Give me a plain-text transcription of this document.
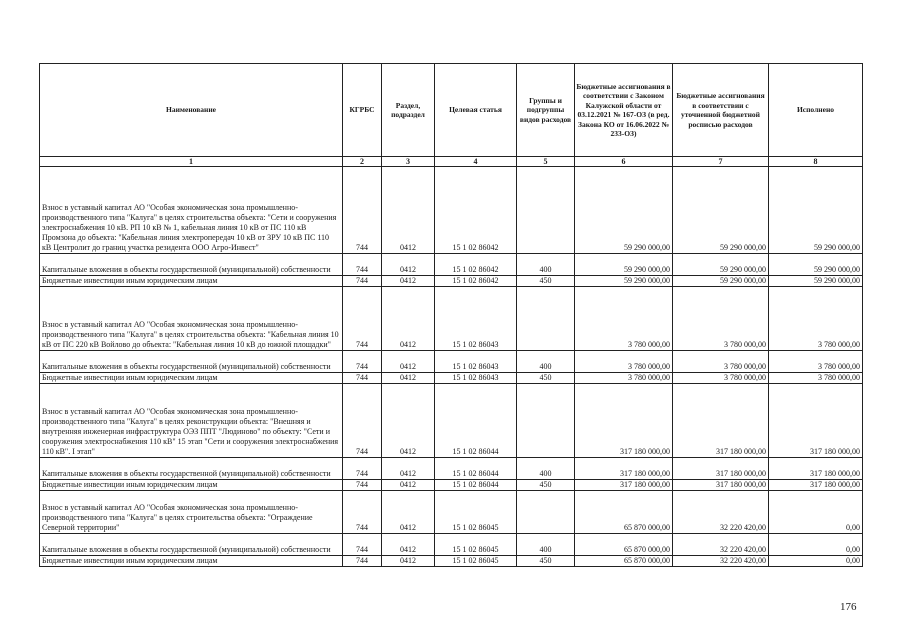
Наименование	КГРБС	Раздел, подраздел	Целевая статья	Группы и подгруппы видов расходов	Бюджетные ассигнования в соответствии с Законом Калужской области от 03.12.2021 № 167-ОЗ (в ред. Закона КО от 16.06.2022 № 233-ОЗ)	Бюджетные ассигнования в соответствии с уточненной бюджетной росписью расходов	Исполнено
1	2	3	4	5	6	7	8
Взнос в уставный капитал АО "Особая экономическая зона промышленно-производственного типа "Калуга" в целях строительства объекта: "Сети и сооружения электроснабжения 10 кВ. РП 10 кВ № 1, кабельная линия 10 кВ от ПС 110 кВ Промзона до объекта: "Кабельная линия электропередач 10 кВ от ЗРУ 10 кВ ПС 110 кВ Центролит до границ участка резидента ООО Агро-Инвест"	744	0412	15 1 02 86042		59 290 000,00	59 290 000,00	59 290 000,00
Капитальные вложения в объекты государственной (муниципальной) собственности	744	0412	15 1 02 86042	400	59 290 000,00	59 290 000,00	59 290 000,00
Бюджетные инвестиции иным юридическим лицам	744	0412	15 1 02 86042	450	59 290 000,00	59 290 000,00	59 290 000,00
Взнос в уставный капитал АО "Особая экономическая зона промышленно-производственного типа "Калуга" в целях строительства объекта: "Кабельная линия 10 кВ от ПС 220 кВ Войлово до объекта: "Кабельная линия 10 кВ до южной площадки"	744	0412	15 1 02 86043		3 780 000,00	3 780 000,00	3 780 000,00
Капитальные вложения в объекты государственной (муниципальной) собственности	744	0412	15 1 02 86043	400	3 780 000,00	3 780 000,00	3 780 000,00
Бюджетные инвестиции иным юридическим лицам	744	0412	15 1 02 86043	450	3 780 000,00	3 780 000,00	3 780 000,00
Взнос в уставный капитал АО "Особая экономическая зона промышленно-производственного типа "Калуга" в целях реконструкции объекта: "Внешняя и внутренняя инженерная инфраструктура ОЭЗ ППТ "Людиново" по объекту: "Сети и сооружения электроснабжения 110 кВ" 15 этап "Сети и сооружения электроснабжения 110 кВ". I этап"	744	0412	15 1 02 86044		317 180 000,00	317 180 000,00	317 180 000,00
Капитальные вложения в объекты государственной (муниципальной) собственности	744	0412	15 1 02 86044	400	317 180 000,00	317 180 000,00	317 180 000,00
Бюджетные инвестиции иным юридическим лицам	744	0412	15 1 02 86044	450	317 180 000,00	317 180 000,00	317 180 000,00
Взнос в уставный капитал АО "Особая экономическая зона промышленно-производственного типа "Калуга" в целях строительства объекта: "Ограждение Северной территории"	744	0412	15 1 02 86045		65 870 000,00	32 220 420,00	0,00
Капитальные вложения в объекты государственной (муниципальной) собственности	744	0412	15 1 02 86045	400	65 870 000,00	32 220 420,00	0,00
Бюджетные инвестиции иным юридическим лицам	744	0412	15 1 02 86045	450	65 870 000,00	32 220 420,00	0,00
176
